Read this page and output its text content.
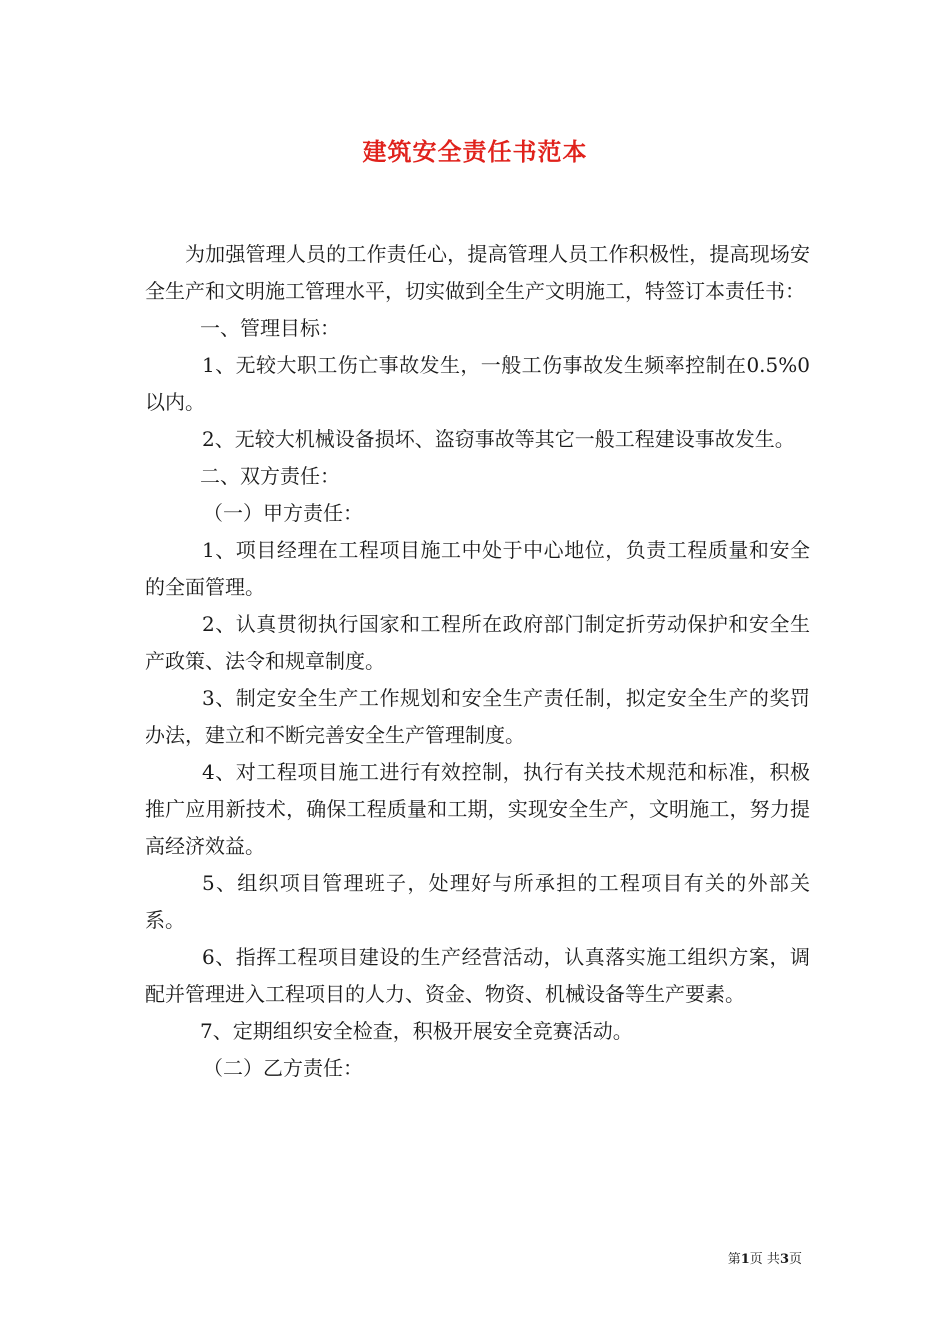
建筑安全责任书范本

为加强管理人员的工作责任心，提高管理人员工作积极性，提高现场安全生产和文明施工管理水平，切实做到全生产文明施工，特签订本责任书：

一、管理目标：

1、无较大职工伤亡事故发生，一般工伤事故发生频率控制在0.5%0以内。

2、无较大机械设备损坏、盗窃事故等其它一般工程建设事故发生。

二、双方责任：

（一）甲方责任：

1、项目经理在工程项目施工中处于中心地位，负责工程质量和安全的全面管理。

2、认真贯彻执行国家和工程所在政府部门制定折劳动保护和安全生产政策、法令和规章制度。

3、制定安全生产工作规划和安全生产责任制，拟定安全生产的奖罚办法，建立和不断完善安全生产管理制度。

4、对工程项目施工进行有效控制，执行有关技术规范和标准，积极推广应用新技术，确保工程质量和工期，实现安全生产，文明施工，努力提高经济效益。

5、组织项目管理班子，处理好与所承担的工程项目有关的外部关系。

6、指挥工程项目建设的生产经营活动，认真落实施工组织方案，调配并管理进入工程项目的人力、资金、物资、机械设备等生产要素。

7、定期组织安全检查，积极开展安全竞赛活动。

（二）乙方责任：

第1页 共3页
